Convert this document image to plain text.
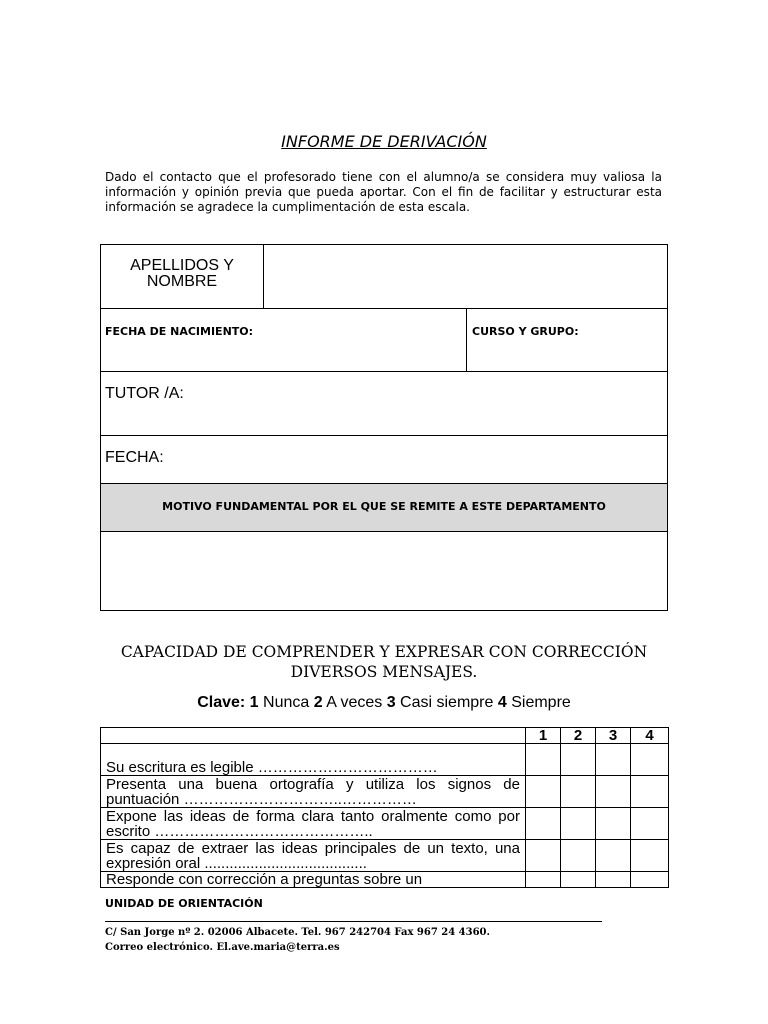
INFORME DE DERIVACIÓN
Dado el contacto que el profesorado tiene con el alumno/a se considera muy valiosa la información y opinión previa que pueda aportar. Con el fin de facilitar y estructurar esta información se agradece la cumplimentación de esta escala.
APELLIDOS Y
NOMBRE
FECHA DE NACIMIENTO:	CURSO Y GRUPO:
TUTOR /A:
FECHA:
MOTIVO FUNDAMENTAL POR EL QUE SE REMITE A ESTE DEPARTAMENTO
CAPACIDAD DE COMPRENDER Y EXPRESAR CON CORRECCIÓN
DIVERSOS MENSAJES.
Clave: 1 Nunca 2 A veces 3 Casi siempre 4 Siempre
	1	2	3	4
Su escritura es legible ………………………………				
Presenta una buena ortografía y utiliza los signos de puntuación …………………………..……………				
Expone las ideas de forma clara tanto oralmente como por escrito ……………………………………..				
Es capaz de extraer las ideas principales de un texto, una expresión oral .......................................				
Responde con corrección a preguntas sobre un				
UNIDAD DE ORIENTACIÓN
C/ San Jorge nº 2. 02006 Albacete. Tel. 967 242704 Fax 967 24 4360.
Correo electrónico. El.ave.maria@terra.es
